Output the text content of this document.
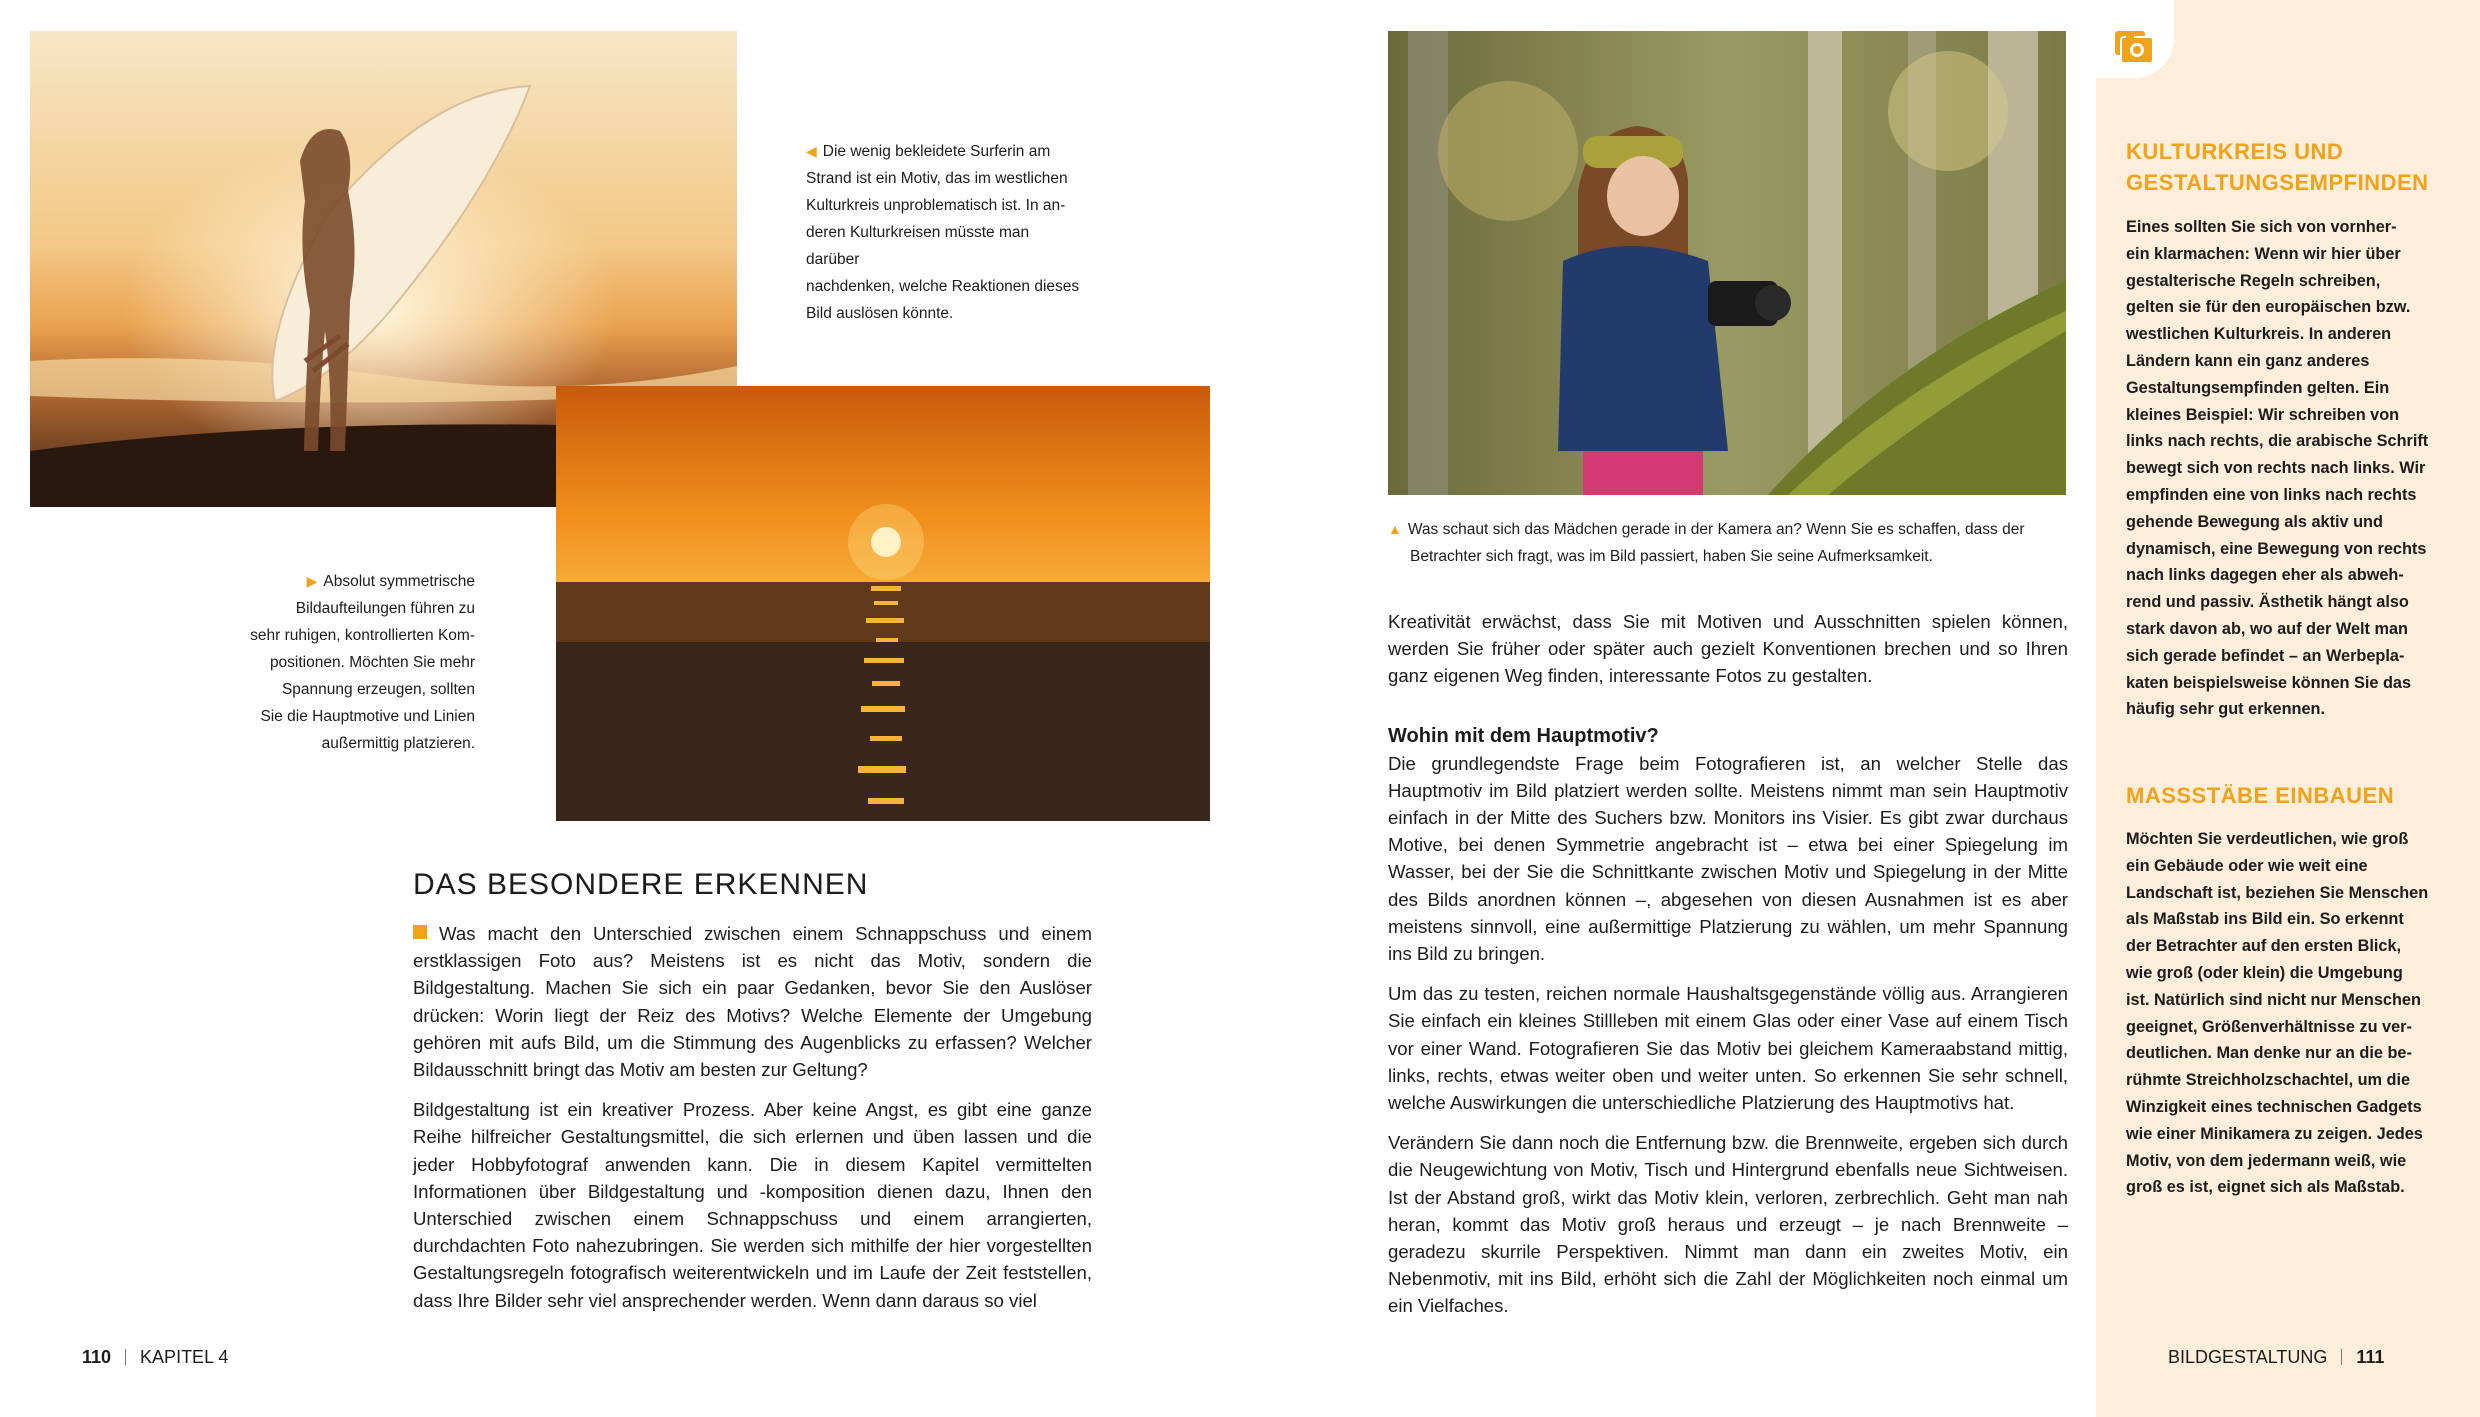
◀ Die wenig bekleidete Surferin am
Strand ist ein Motiv, das im westlichen
Kulturkreis unproblematisch ist. In an-
deren Kulturkreisen müsste man darüber
nachdenken, welche Reaktionen dieses
Bild auslösen könnte.
▶ Absolut symmetrische
Bildaufteilungen führen zu
sehr ruhigen, kontrollierten Kom-
positionen. Möchten Sie mehr
Spannung erzeugen, sollten
Sie die Hauptmotive und Linien
außermittig platzieren.
DAS BESONDERE ERKENNEN

Was macht den Unterschied zwischen einem Schnappschuss und einem erstklassigen Foto aus? Meistens ist es nicht das Motiv, sondern die Bildgestaltung. Machen Sie sich ein paar Gedanken, bevor Sie den Auslöser drücken: Worin liegt der Reiz des Motivs? Welche Elemente der Umgebung gehören mit aufs Bild, um die Stimmung des Augenblicks zu erfassen? Welcher Bildausschnitt bringt das Motiv am besten zur Geltung?

Bildgestaltung ist ein kreativer Prozess. Aber keine Angst, es gibt eine ganze Reihe hilfreicher Gestaltungsmittel, die sich erlernen und üben lassen und die jeder Hobbyfotograf anwenden kann. Die in diesem Kapitel vermittelten Informationen über Bildgestaltung und -komposition dienen dazu, Ihnen den Unterschied zwischen einem Schnappschuss und einem arrangierten, durchdachten Foto nahezubringen. Sie werden sich mithilfe der hier vorgestellten Gestaltungsregeln fotografisch weiterentwickeln und im Laufe der Zeit feststellen, dass Ihre Bilder sehr viel ansprechender werden. Wenn dann daraus so viel

110 KAPITEL 4
▲ Was schaut sich das Mädchen gerade in der Kamera an? Wenn Sie es schaffen, dass der
Betrachter sich fragt, was im Bild passiert, haben Sie seine Aufmerksamkeit.

Kreativität erwächst, dass Sie mit Motiven und Ausschnitten spielen können, werden Sie früher oder später auch gezielt Konventionen brechen und so Ihren ganz eigenen Weg finden, interessante Fotos zu gestalten.

Wohin mit dem Hauptmotiv?

Die grundlegendste Frage beim Fotografieren ist, an welcher Stelle das Hauptmotiv im Bild platziert werden sollte. Meistens nimmt man sein Hauptmotiv einfach in der Mitte des Suchers bzw. Monitors ins Visier. Es gibt zwar durchaus Motive, bei denen Symmetrie angebracht ist – etwa bei einer Spiegelung im Wasser, bei der Sie die Schnittkante zwischen Motiv und Spiegelung in der Mitte des Bilds anordnen können –, abgesehen von diesen Ausnahmen ist es aber meistens sinnvoll, eine außermittige Platzierung zu wählen, um mehr Spannung ins Bild zu bringen.

Um das zu testen, reichen normale Haushaltsgegenstände völlig aus. Arrangieren Sie einfach ein kleines Stillleben mit einem Glas oder einer Vase auf einem Tisch vor einer Wand. Fotografieren Sie das Motiv bei gleichem Kameraabstand mittig, links, rechts, etwas weiter oben und weiter unten. So erkennen Sie sehr schnell, welche Auswirkungen die unterschiedliche Platzierung des Hauptmotivs hat.

Verändern Sie dann noch die Entfernung bzw. die Brennweite, ergeben sich durch die Neugewichtung von Motiv, Tisch und Hintergrund ebenfalls neue Sichtweisen. Ist der Abstand groß, wirkt das Motiv klein, verloren, zerbrechlich. Geht man nah heran, kommt das Motiv groß heraus und erzeugt – je nach Brennweite – geradezu skurrile Perspektiven. Nimmt man dann ein zweites Motiv, ein Nebenmotiv, mit ins Bild, erhöht sich die Zahl der Möglichkeiten noch einmal um ein Vielfaches.

KULTURKREIS UND
GESTALTUNGSEMPFINDEN
Eines sollten Sie sich von vornher-
ein klarmachen: Wenn wir hier über
gestalterische Regeln schreiben,
gelten sie für den europäischen bzw.
westlichen Kulturkreis. In anderen
Ländern kann ein ganz anderes
Gestaltungsempfinden gelten. Ein
kleines Beispiel: Wir schreiben von
links nach rechts, die arabische Schrift
bewegt sich von rechts nach links. Wir
empfinden eine von links nach rechts
gehende Bewegung als aktiv und
dynamisch, eine Bewegung von rechts
nach links dagegen eher als abweh-
rend und passiv. Ästhetik hängt also
stark davon ab, wo auf der Welt man
sich gerade befindet – an Werbepla-
katen beispielsweise können Sie das
häufig sehr gut erkennen.
MASSSTÄBE EINBAUEN
Möchten Sie verdeutlichen, wie groß
ein Gebäude oder wie weit eine
Landschaft ist, beziehen Sie Menschen
als Maßstab ins Bild ein. So erkennt
der Betrachter auf den ersten Blick,
wie groß (oder klein) die Umgebung
ist. Natürlich sind nicht nur Menschen
geeignet, Größenverhältnisse zu ver-
deutlichen. Man denke nur an die be-
rühmte Streichholzschachtel, um die
Winzigkeit eines technischen Gadgets
wie einer Minikamera zu zeigen. Jedes
Motiv, von dem jedermann weiß, wie
groß es ist, eignet sich als Maßstab.
BILDGESTALTUNG 111
